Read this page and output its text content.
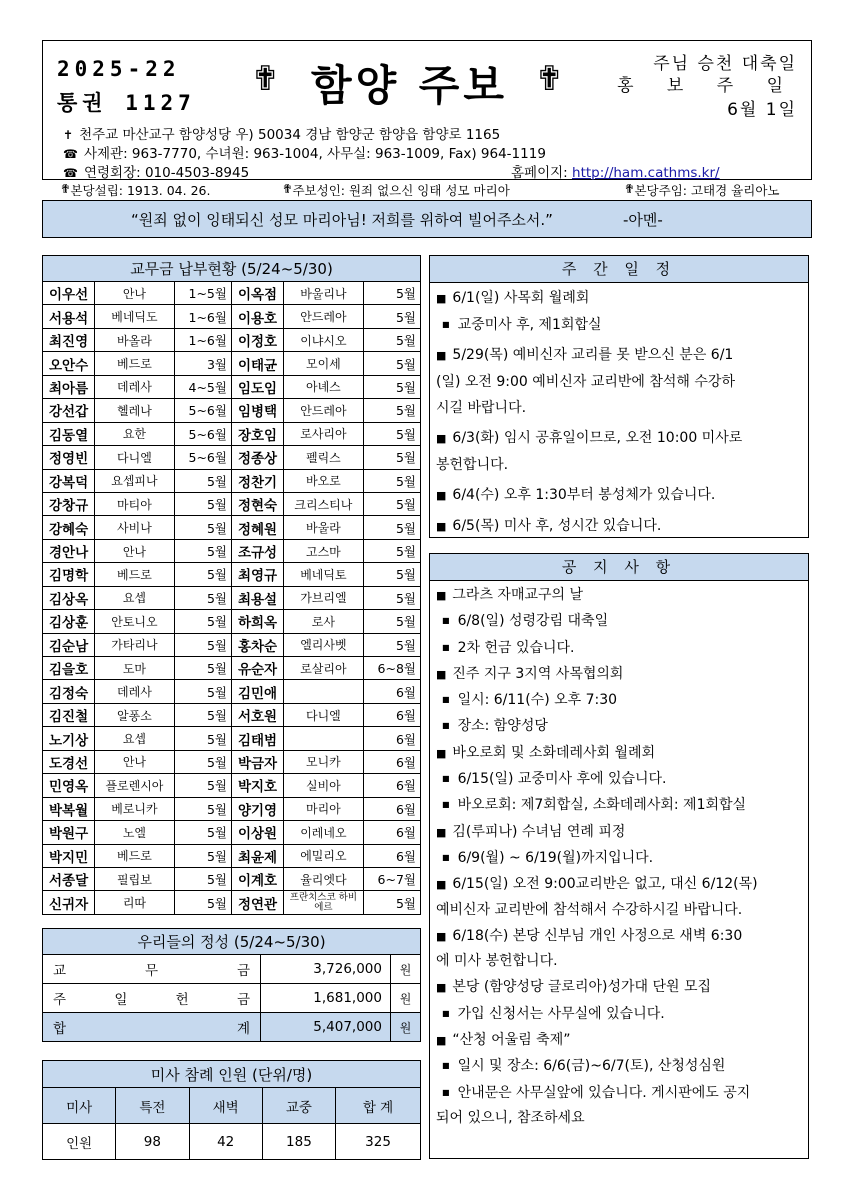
2025-22
통권 1127
✟ 함양 주보 ✟	주님 승천 대축일
홍 보 주 일
6월 1일
✝ 천주교 마산교구 함양성당 우) 50034 경남 함양군 함양읍 함양로 1165
☎ 사제관: 963-7770, 수녀원: 963-1004, 사무실: 963-1009, Fax) 964-1119
☎ 연령회장: 010-4503-8945	홈페이지: http://ham.cathms.kr/
✟ 본당설립: 1913. 04. 26.	✟ 주보성인: 원죄 없으신 잉태 성모 마리아	✟ 본당주임: 고태경 율리아노
“원죄 없이 잉태되신 성모 마리아님! 저희를 위하여 빌어주소서.”	-아멘-
교무금 납부현황 (5/24~5/30)					
이우선	안나	1~5월	이옥점	바울리나	5월
서용석	베네딕도	1~6월	이용호	안드레아	5월
최진영	바올라	1~6월	이정호	이냐시오	5월
오안수	베드로	3월	이태균	모이세	5월
최아름	데레사	4~5월	임도임	아녜스	5월
강선갑	헬레나	5~6월	임병택	안드레아	5월
김동열	요한	5~6월	장호임	로사리아	5월
정영빈	다니엘	5~6월	정종상	펠릭스	5월
강복덕	요셉피나	5월	정찬기	바오로	5월
강창규	마티아	5월	정현숙	크리스티나	5월
강혜숙	사비나	5월	정혜원	바울라	5월
경안나	안나	5월	조규성	고스마	5월
김명학	베드로	5월	최영규	베네딕토	5월
김상옥	요셉	5월	최용설	가브리엘	5월
김상훈	안토니오	5월	하희옥	로사	5월
김순남	가타리나	5월	홍차순	엘리사벳	5월
김을호	도마	5월	유순자	로살리아	6~8월
김정숙	데레사	5월	김민애		6월
김진철	알퐁소	5월	서호원	다니엘	6월
노기상	요셉	5월	김태범		6월
도경선	안나	5월	박금자	모니카	6월
민영옥	플로렌시아	5월	박지호	실비아	6월
박복월	베로니카	5월	양기영	마리아	6월
박원구	노엘	5월	이상원	이레네오	6월
박지민	베드로	5월	최윤제	에밀리오	6월
서종달	필립보	5월	이계호	율리엣다	6~7월
신귀자	리따	5월	정연관	프란치스코 하비에르	5월
우리들의 정성 (5/24~5/30)		

교 무 금	3,726,000	원

주 일 헌 금	1,681,000	원

합 계	5,407,000	원
미사 참례 인원 (단위/명)				
미사	특전	새벽	교중	합 계
인원	98	42	185	325
주 간 일 정
■ 6/1(일) 사목회 월례회
■ 교중미사 후, 제1회합실
■ 5/29(목) 예비신자 교리를 못 받으신 분은 6/1
(일) 오전 9:00 예비신자 교리반에 참석해 수강하
시길 바랍니다.
■ 6/3(화) 임시 공휴일이므로, 오전 10:00 미사로
봉헌합니다.
■ 6/4(수) 오후 1:30부터 봉성체가 있습니다.
■ 6/5(목) 미사 후, 성시간 있습니다.
공 지 사 항
■ 그라츠 자매교구의 날
■ 6/8(일) 성령강림 대축일
■ 2차 헌금 있습니다.
■ 진주 지구 3지역 사목협의회
■ 일시: 6/11(수) 오후 7:30
■ 장소: 함양성당
■ 바오로회 및 소화데레사회 월례회
■ 6/15(일) 교중미사 후에 있습니다.
■ 바오로회: 제7회합실, 소화데레사회: 제1회합실
■ 김(루피나) 수녀님 연례 피정
■ 6/9(월) ~ 6/19(월)까지입니다.
■ 6/15(일) 오전 9:00교리반은 없고, 대신 6/12(목)
예비신자 교리반에 참석해서 수강하시길 바랍니다.
■ 6/18(수) 본당 신부님 개인 사정으로 새벽 6:30
에 미사 봉헌합니다.
■ 본당 (함양성당 글로리아)성가대 단원 모집
■ 가입 신청서는 사무실에 있습니다.
■ “산청 어울림 축제”
■ 일시 및 장소: 6/6(금)~6/7(토), 산청성심원
■ 안내문은 사무실앞에 있습니다. 게시판에도 공지
되어 있으니, 참조하세요
